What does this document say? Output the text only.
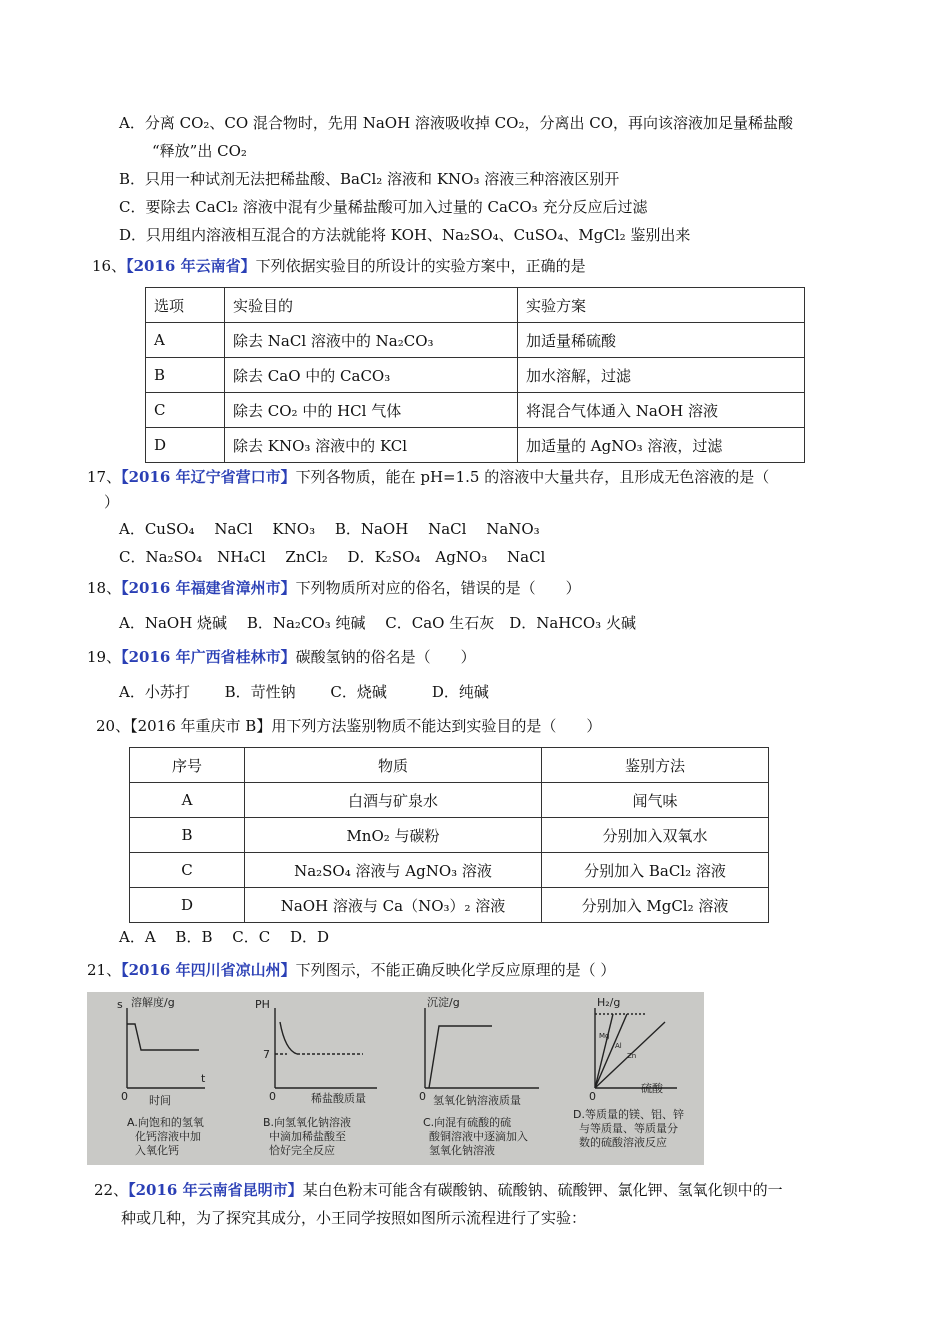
A．分离 CO₂、CO 混合物时，先用 NaOH 溶液吸收掉 CO₂，分离出 CO，再向该溶液加足量稀盐酸
“释放”出 CO₂
B．只用一种试剂无法把稀盐酸、BaCl₂ 溶液和 KNO₃ 溶液三种溶液区别开
C．要除去 CaCl₂ 溶液中混有少量稀盐酸可加入过量的 CaCO₃ 充分反应后过滤
D．只用组内溶液相互混合的方法就能将 KOH、Na₂SO₄、CuSO₄、MgCl₂ 鉴别出来
16、【2016 年云南省】下列依据实验目的所设计的实验方案中，正确的是
选项	实验目的	实验方案
A	除去 NaCl 溶液中的 Na₂CO₃	加适量稀硫酸
B	除去 CaO 中的 CaCO₃	加水溶解，过滤
C	除去 CO₂ 中的 HCl 气体	将混合气体通入 NaOH 溶液
D	除去 KNO₃ 溶液中的 KCl	加适量的 AgNO₃ 溶液，过滤
17、【2016 年辽宁省营口市】下列各物质，能在 pH=1.5 的溶液中大量共存，且形成无色溶液的是（
）
A．CuSO₄　 NaCl　 KNO₃　 B．NaOH　 NaCl　 NaNO₃
C．Na₂SO₄　NH₄Cl　 ZnCl₂　 D．K₂SO₄　AgNO₃　 NaCl
18、【2016 年福建省漳州市】下列物质所对应的俗名，错误的是（　　）
A．NaOH 烧碱　 B．Na₂CO₃ 纯碱　 C．CaO 生石灰　D．NaHCO₃ 火碱
19、【2016 年广西省桂林市】碳酸氢钠的俗名是（　　）
A．小苏打　　 B．苛性钠　　 C．烧碱　　　D．纯碱
20、【2016 年重庆市 B】用下列方法鉴别物质不能达到实验目的是（　　）
序号	物质	鉴别方法
A	白酒与矿泉水	闻气味
B	MnO₂ 与碳粉	分别加入双氧水
C	Na₂SO₄ 溶液与 AgNO₃ 溶液	分别加入 BaCl₂ 溶液
D	NaOH 溶液与 Ca（NO₃）₂ 溶液	分别加入 MgCl₂ 溶液
A．A　 B．B　 C．C　 D．D
21、【2016 年四川省凉山州】下列图示，不能正确反映化学反应原理的是（ ）
s 溶解度/g
t
0 时间
A.向饱和的氢氧
化钙溶液中加
入氧化钙
PH
7
0	稀盐酸质量
B.向氢氧化钠溶液
中滴加稀盐酸至
恰好完全反应
沉淀/g
0 氢氧化钠溶液质量
C.向混有硫酸的硫
酸铜溶液中逐滴加入
氢氧化钠溶液
H₂/g
Mg
Al
Zn
0
硫酸
D.等质量的镁、铝、锌
与等质量、等质量分
数的硫酸溶液反应
22、【2016 年云南省昆明市】某白色粉末可能含有碳酸钠、硫酸钠、硫酸钾、氯化钾、氢氧化钡中的一
种或几种，为了探究其成分，小王同学按照如图所示流程进行了实验：
